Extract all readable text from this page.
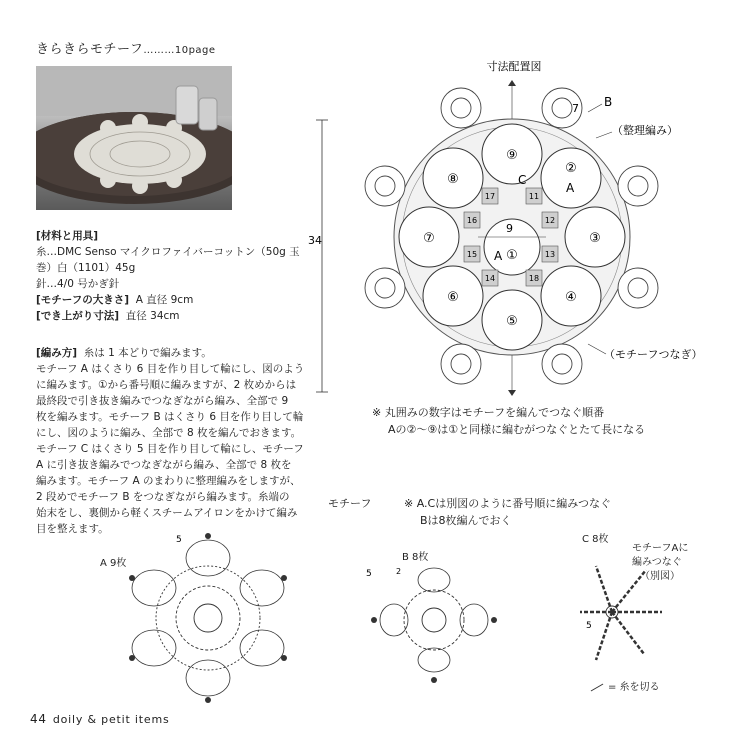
きらきらモチーフ………10page
[材料と用具]
糸…DMC Senso マイクロファイバーコットン（50g 玉
巻）白（1101）45g
針…4/0 号かぎ針
[モチーフの大きさ] A 直径 9cm
[でき上がり寸法] 直径 34cm
[編み方] 糸は 1 本どりで編みます。
モチーフ A はくさり 6 目を作り目して輪にし、図のよう
に編みます。①から番号順に編みますが、2 枚めからは
最終段で引き抜き編みでつなぎながら編み、全部で 9
枚を編みます。モチーフ B はくさり 6 目を作り目して輪
にし、図のように編み、全部で 8 枚を編んでおきます。
モチーフ C はくさり 5 目を作り目して輪にし、モチーフ
A に引き抜き編みでつなぎながら編み、全部で 8 枚を
編みます。モチーフ A のまわりに整理編みをしますが、
2 段めでモチーフ B をつなぎながら編みます。糸端の
始末をし、裏側から軽くスチームアイロンをかけて編み
目を整えます。
寸法配置図
34
17	11
16	12
15	13
14	18
⑨
②
③
④
⑤
⑥
⑦
⑧
①
C
A
A
9
7 B
（整理編み）
（モチーフつなぎ）
※ 丸囲みの数字はモチーフを編んでつなぐ順番
Aの②～⑨は①と同様に編むがつなぐとたて長になる
モチーフ	※ A.Cは別図のように番号順に編みつなぐ
Bは8枚編んでおく
A 9枚
5
B 8枚
5	2
C 8枚
5
モチーフAに
編みつなぐ
（別図）
= 糸を切る
44 doily & petit items
